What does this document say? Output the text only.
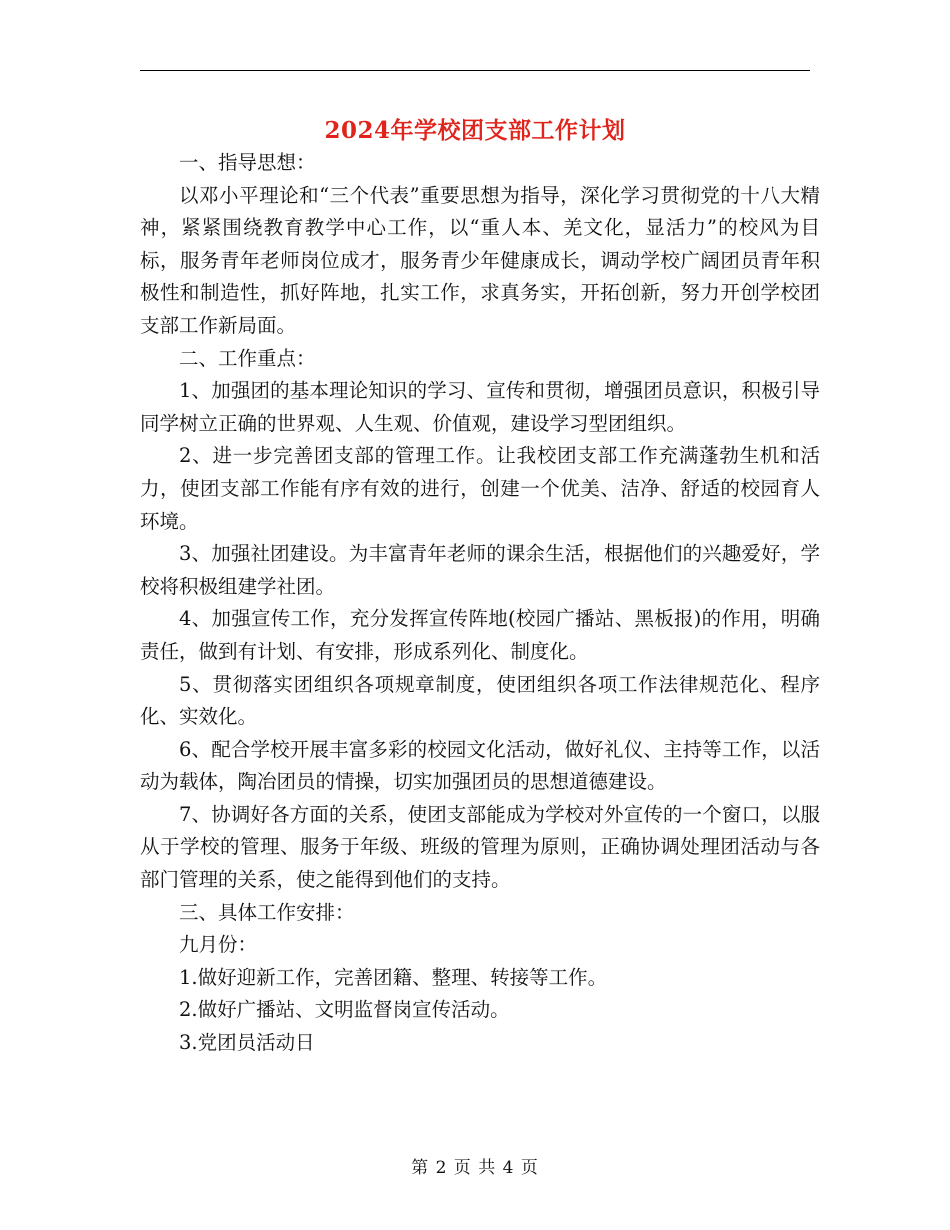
2024年学校团支部工作计划

一、指导思想：

以邓小平理论和“三个代表”重要思想为指导，深化学习贯彻党的十八大精神，紧紧围绕教育教学中心工作，以“重人本、羌文化，显活力”的校风为目标，服务青年老师岗位成才，服务青少年健康成长，调动学校广阔团员青年积极性和制造性，抓好阵地，扎实工作，求真务实，开拓创新，努力开创学校团支部工作新局面。

二、工作重点：

1、加强团的基本理论知识的学习、宣传和贯彻，增强团员意识，积极引导同学树立正确的世界观、人生观、价值观，建设学习型团组织。

2、进一步完善团支部的管理工作。让我校团支部工作充满蓬勃生机和活力，使团支部工作能有序有效的进行，创建一个优美、洁净、舒适的校园育人环境。

3、加强社团建设。为丰富青年老师的课余生活，根据他们的兴趣爱好，学校将积极组建学社团。

4、加强宣传工作，充分发挥宣传阵地(校园广播站、黑板报)的作用，明确责任，做到有计划、有安排，形成系列化、制度化。

5、贯彻落实团组织各项规章制度，使团组织各项工作法律规范化、程序化、实效化。

6、配合学校开展丰富多彩的校园文化活动，做好礼仪、主持等工作，以活动为载体，陶冶团员的情操，切实加强团员的思想道德建设。

7、协调好各方面的关系，使团支部能成为学校对外宣传的一个窗口，以服从于学校的管理、服务于年级、班级的管理为原则，正确协调处理团活动与各部门管理的关系，使之能得到他们的支持。

三、具体工作安排：

九月份：

1.做好迎新工作，完善团籍、整理、转接等工作。

2.做好广播站、文明监督岗宣传活动。

3.党团员活动日

第 2 页 共 4 页
